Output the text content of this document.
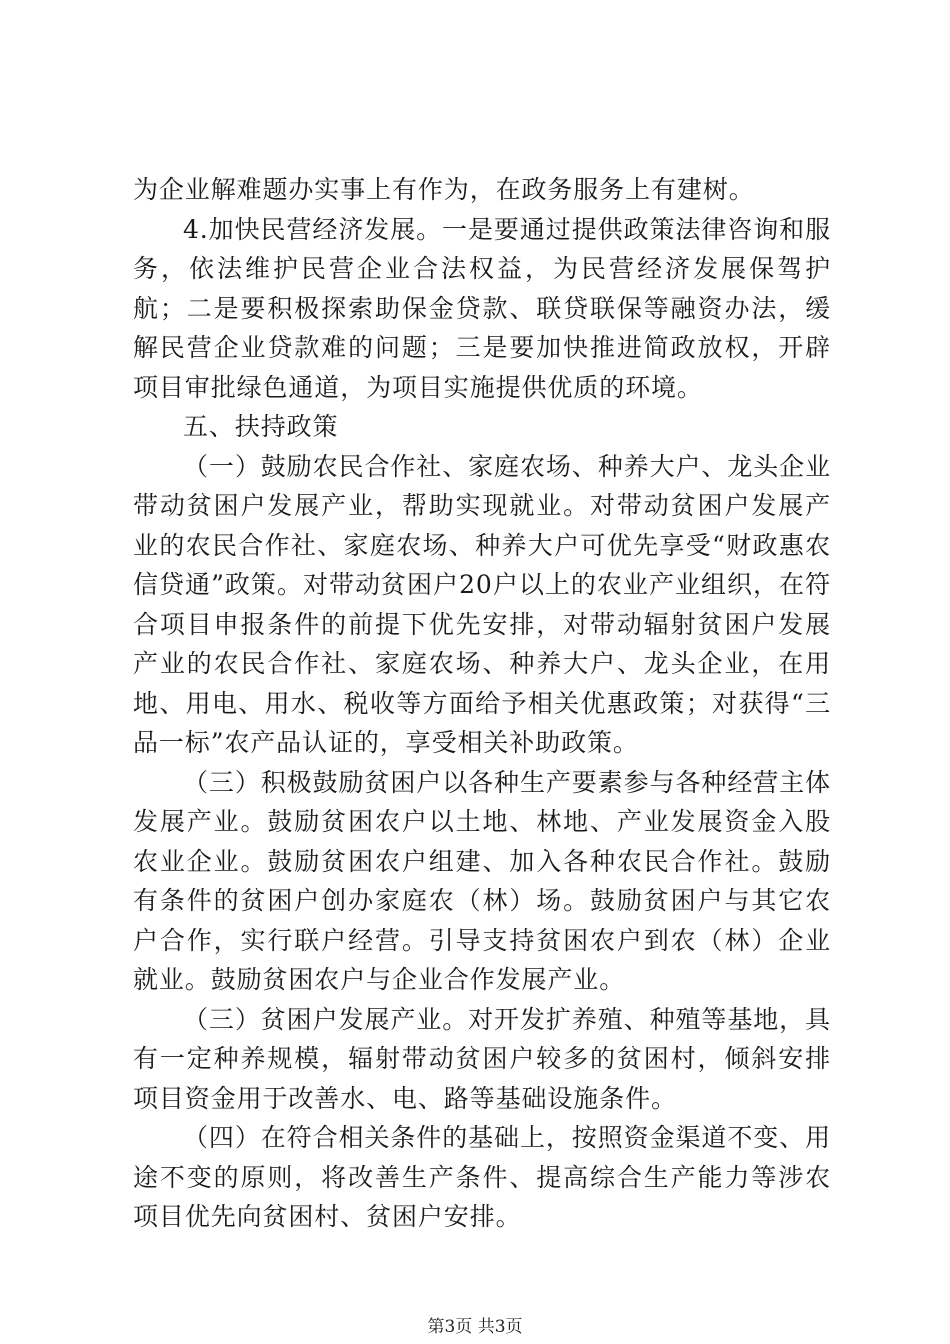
为企业解难题办实事上有作为，在政务服务上有建树。

4.加快民营经济发展。一是要通过提供政策法律咨询和服务，依法维护民营企业合法权益，为民营经济发展保驾护航；二是要积极探索助保金贷款、联贷联保等融资办法，缓解民营企业贷款难的问题；三是要加快推进简政放权，开辟项目审批绿色通道，为项目实施提供优质的环境。

五、扶持政策

（一）鼓励农民合作社、家庭农场、种养大户、龙头企业带动贫困户发展产业，帮助实现就业。对带动贫困户发展产业的农民合作社、家庭农场、种养大户可优先享受“财政惠农信贷通”政策。对带动贫困户20户以上的农业产业组织，在符合项目申报条件的前提下优先安排，对带动辐射贫困户发展产业的农民合作社、家庭农场、种养大户、龙头企业，在用地、用电、用水、税收等方面给予相关优惠政策；对获得“三品一标”农产品认证的，享受相关补助政策。

（三）积极鼓励贫困户以各种生产要素参与各种经营主体发展产业。鼓励贫困农户以土地、林地、产业发展资金入股农业企业。鼓励贫困农户组建、加入各种农民合作社。鼓励有条件的贫困户创办家庭农（林）场。鼓励贫困户与其它农户合作，实行联户经营。引导支持贫困农户到农（林）企业就业。鼓励贫困农户与企业合作发展产业。

（三）贫困户发展产业。对开发扩养殖、种殖等基地，具有一定种养规模，辐射带动贫困户较多的贫困村，倾斜安排项目资金用于改善水、电、路等基础设施条件。

（四）在符合相关条件的基础上，按照资金渠道不变、用途不变的原则，将改善生产条件、提高综合生产能力等涉农项目优先向贫困村、贫困户安排。

第3页 共3页
